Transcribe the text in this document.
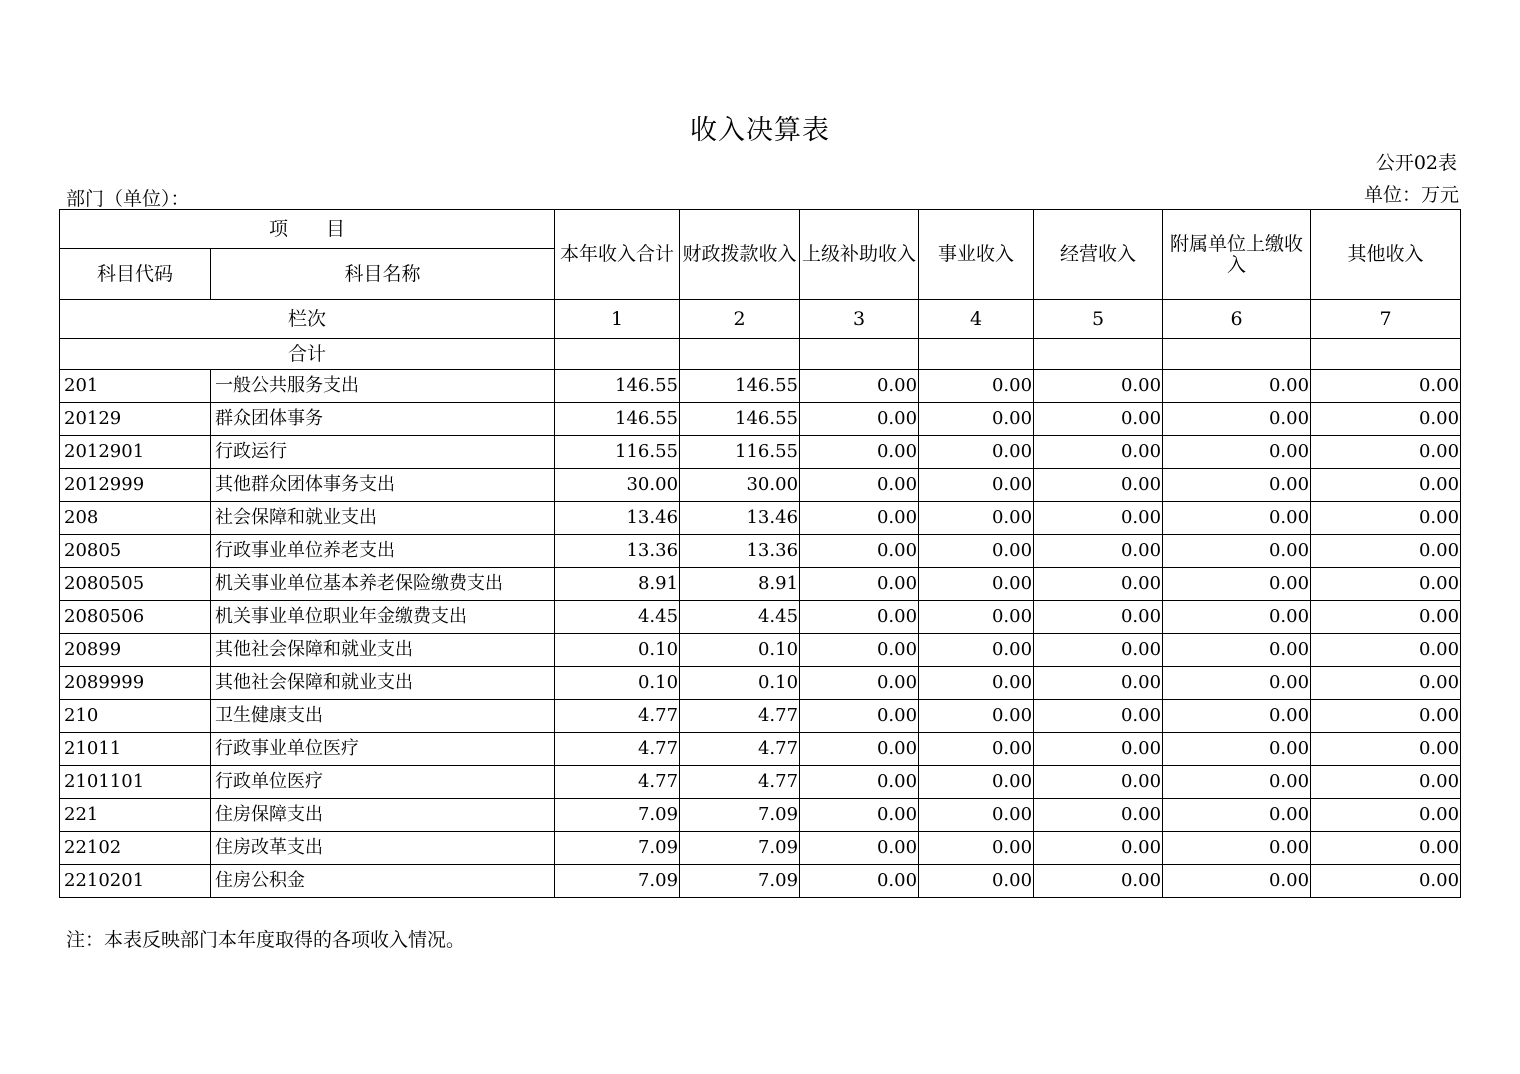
收入决算表
公开02表
部门（单位）：	单位：万元
项　　目		本年收入合计	财政拨款收入	上级补助收入	事业收入	经营收入	附属单位上缴收入	其他收入
科目代码	科目名称							
栏次		1	2	3	4	5	6	7
合计								
201	一般公共服务支出	146.55	146.55	0.00	0.00	0.00	0.00	0.00
20129	群众团体事务	146.55	146.55	0.00	0.00	0.00	0.00	0.00
2012901	行政运行	116.55	116.55	0.00	0.00	0.00	0.00	0.00
2012999	其他群众团体事务支出	30.00	30.00	0.00	0.00	0.00	0.00	0.00
208	社会保障和就业支出	13.46	13.46	0.00	0.00	0.00	0.00	0.00
20805	行政事业单位养老支出	13.36	13.36	0.00	0.00	0.00	0.00	0.00
2080505	机关事业单位基本养老保险缴费支出	8.91	8.91	0.00	0.00	0.00	0.00	0.00
2080506	机关事业单位职业年金缴费支出	4.45	4.45	0.00	0.00	0.00	0.00	0.00
20899	其他社会保障和就业支出	0.10	0.10	0.00	0.00	0.00	0.00	0.00
2089999	其他社会保障和就业支出	0.10	0.10	0.00	0.00	0.00	0.00	0.00
210	卫生健康支出	4.77	4.77	0.00	0.00	0.00	0.00	0.00
21011	行政事业单位医疗	4.77	4.77	0.00	0.00	0.00	0.00	0.00
2101101	行政单位医疗	4.77	4.77	0.00	0.00	0.00	0.00	0.00
221	住房保障支出	7.09	7.09	0.00	0.00	0.00	0.00	0.00
22102	住房改革支出	7.09	7.09	0.00	0.00	0.00	0.00	0.00
2210201	住房公积金	7.09	7.09	0.00	0.00	0.00	0.00	0.00
注：本表反映部门本年度取得的各项收入情况。
